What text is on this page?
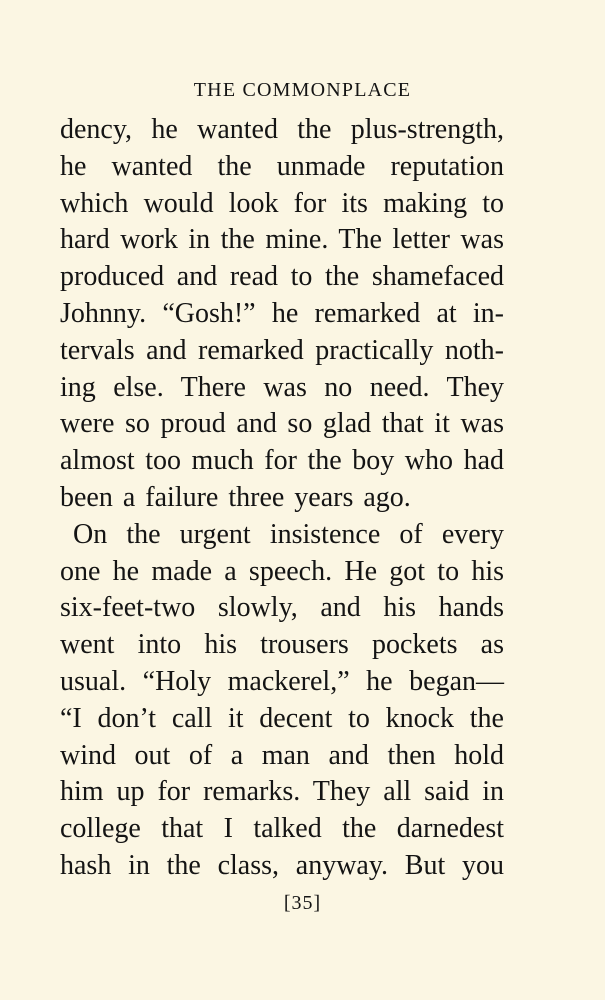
THE COMMONPLACE
dency, he wanted the plus-strength,
he wanted the unmade reputation
which would look for its making to
hard work in the mine. The letter was
produced and read to the shamefaced
Johnny. “Gosh!” he remarked at in-
tervals and remarked practically noth-
ing else. There was no need. They
were so proud and so glad that it was
almost too much for the boy who had
been a failure three years ago.
On the urgent insistence of every
one he made a speech. He got to his
six-feet-two slowly, and his hands
went into his trousers pockets as
usual. “Holy mackerel,” he began—
“I don’t call it decent to knock the
wind out of a man and then hold
him up for remarks. They all said in
college that I talked the darnedest
hash in the class, anyway. But you
[35]
